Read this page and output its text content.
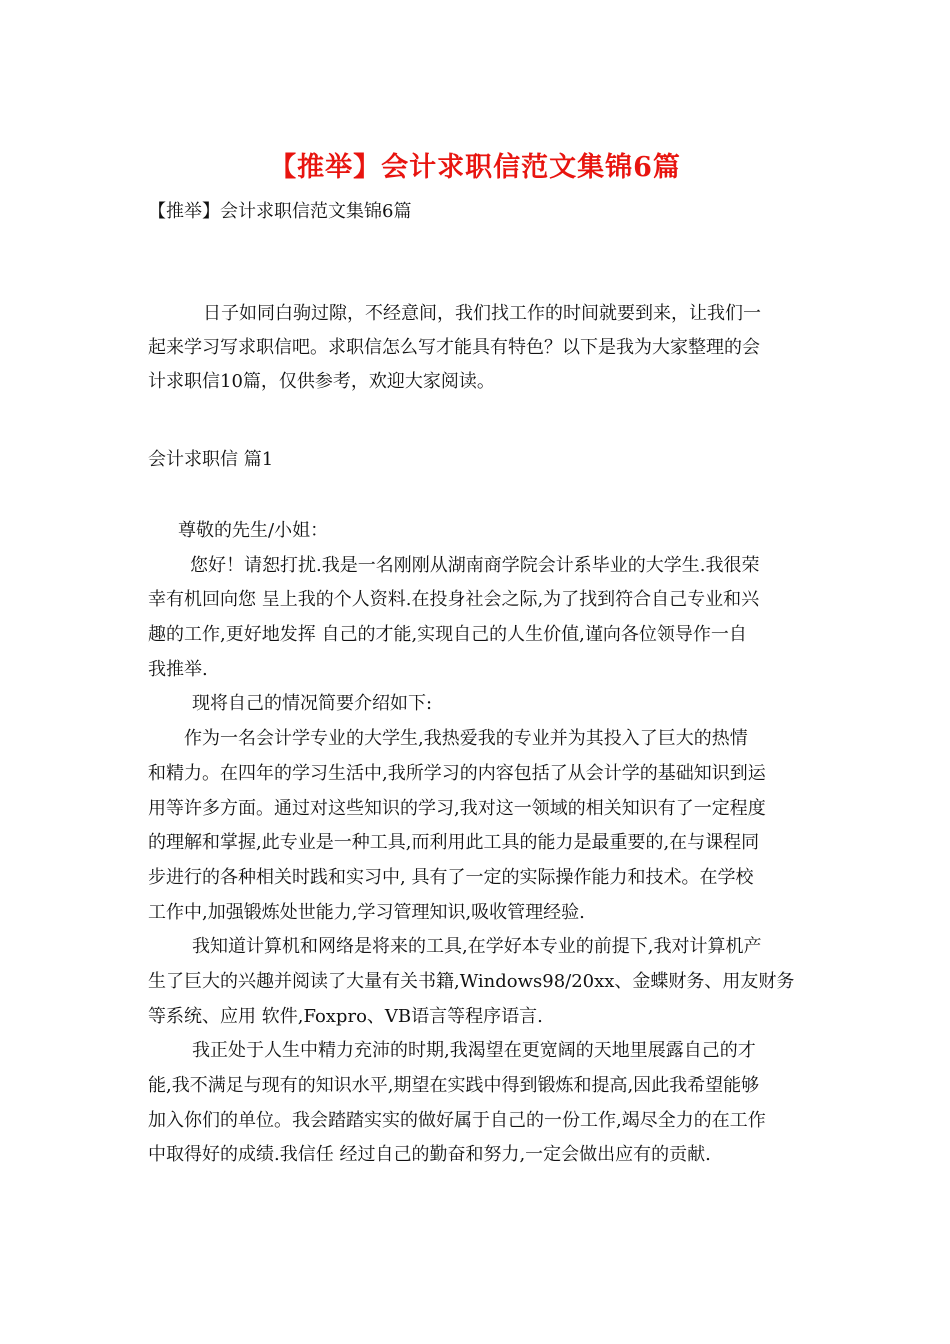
【推举】会计求职信范文集锦6篇
【推举】会计求职信范文集锦6篇
日子如同白驹过隙，不经意间，我们找工作的时间就要到来，让我们一
起来学习写求职信吧。求职信怎么写才能具有特色？以下是我为大家整理的会
计求职信10篇，仅供参考，欢迎大家阅读。
会计求职信 篇1
尊敬的先生/小姐：
您好！请恕打扰.我是一名刚刚从湖南商学院会计系毕业的大学生.我很荣
幸有机回向您 呈上我的个人资料.在投身社会之际,为了找到符合自己专业和兴
趣的工作,更好地发挥 自己的才能,实现自己的人生价值,谨向各位领导作一自
我推举.
现将自己的情况简要介绍如下:
作为一名会计学专业的大学生,我热爱我的专业并为其投入了巨大的热情
和精力。在四年的学习生活中,我所学习的内容包括了从会计学的基础知识到运
用等许多方面。通过对这些知识的学习,我对这一领域的相关知识有了一定程度
的理解和掌握,此专业是一种工具,而利用此工具的能力是最重要的,在与课程同
步进行的各种相关时践和实习中, 具有了一定的实际操作能力和技术。在学校
工作中,加强锻炼处世能力,学习管理知识,吸收管理经验.
我知道计算机和网络是将来的工具,在学好本专业的前提下,我对计算机产
生了巨大的兴趣并阅读了大量有关书籍,Windows98/20xx、金蝶财务、用友财务
等系统、应用 软件,Foxpro、VB语言等程序语言.
我正处于人生中精力充沛的时期,我渴望在更宽阔的天地里展露自己的才
能,我不满足与现有的知识水平,期望在实践中得到锻炼和提高,因此我希望能够
加入你们的单位。我会踏踏实实的做好属于自己的一份工作,竭尽全力的在工作
中取得好的成绩.我信任 经过自己的勤奋和努力,一定会做出应有的贡献.
